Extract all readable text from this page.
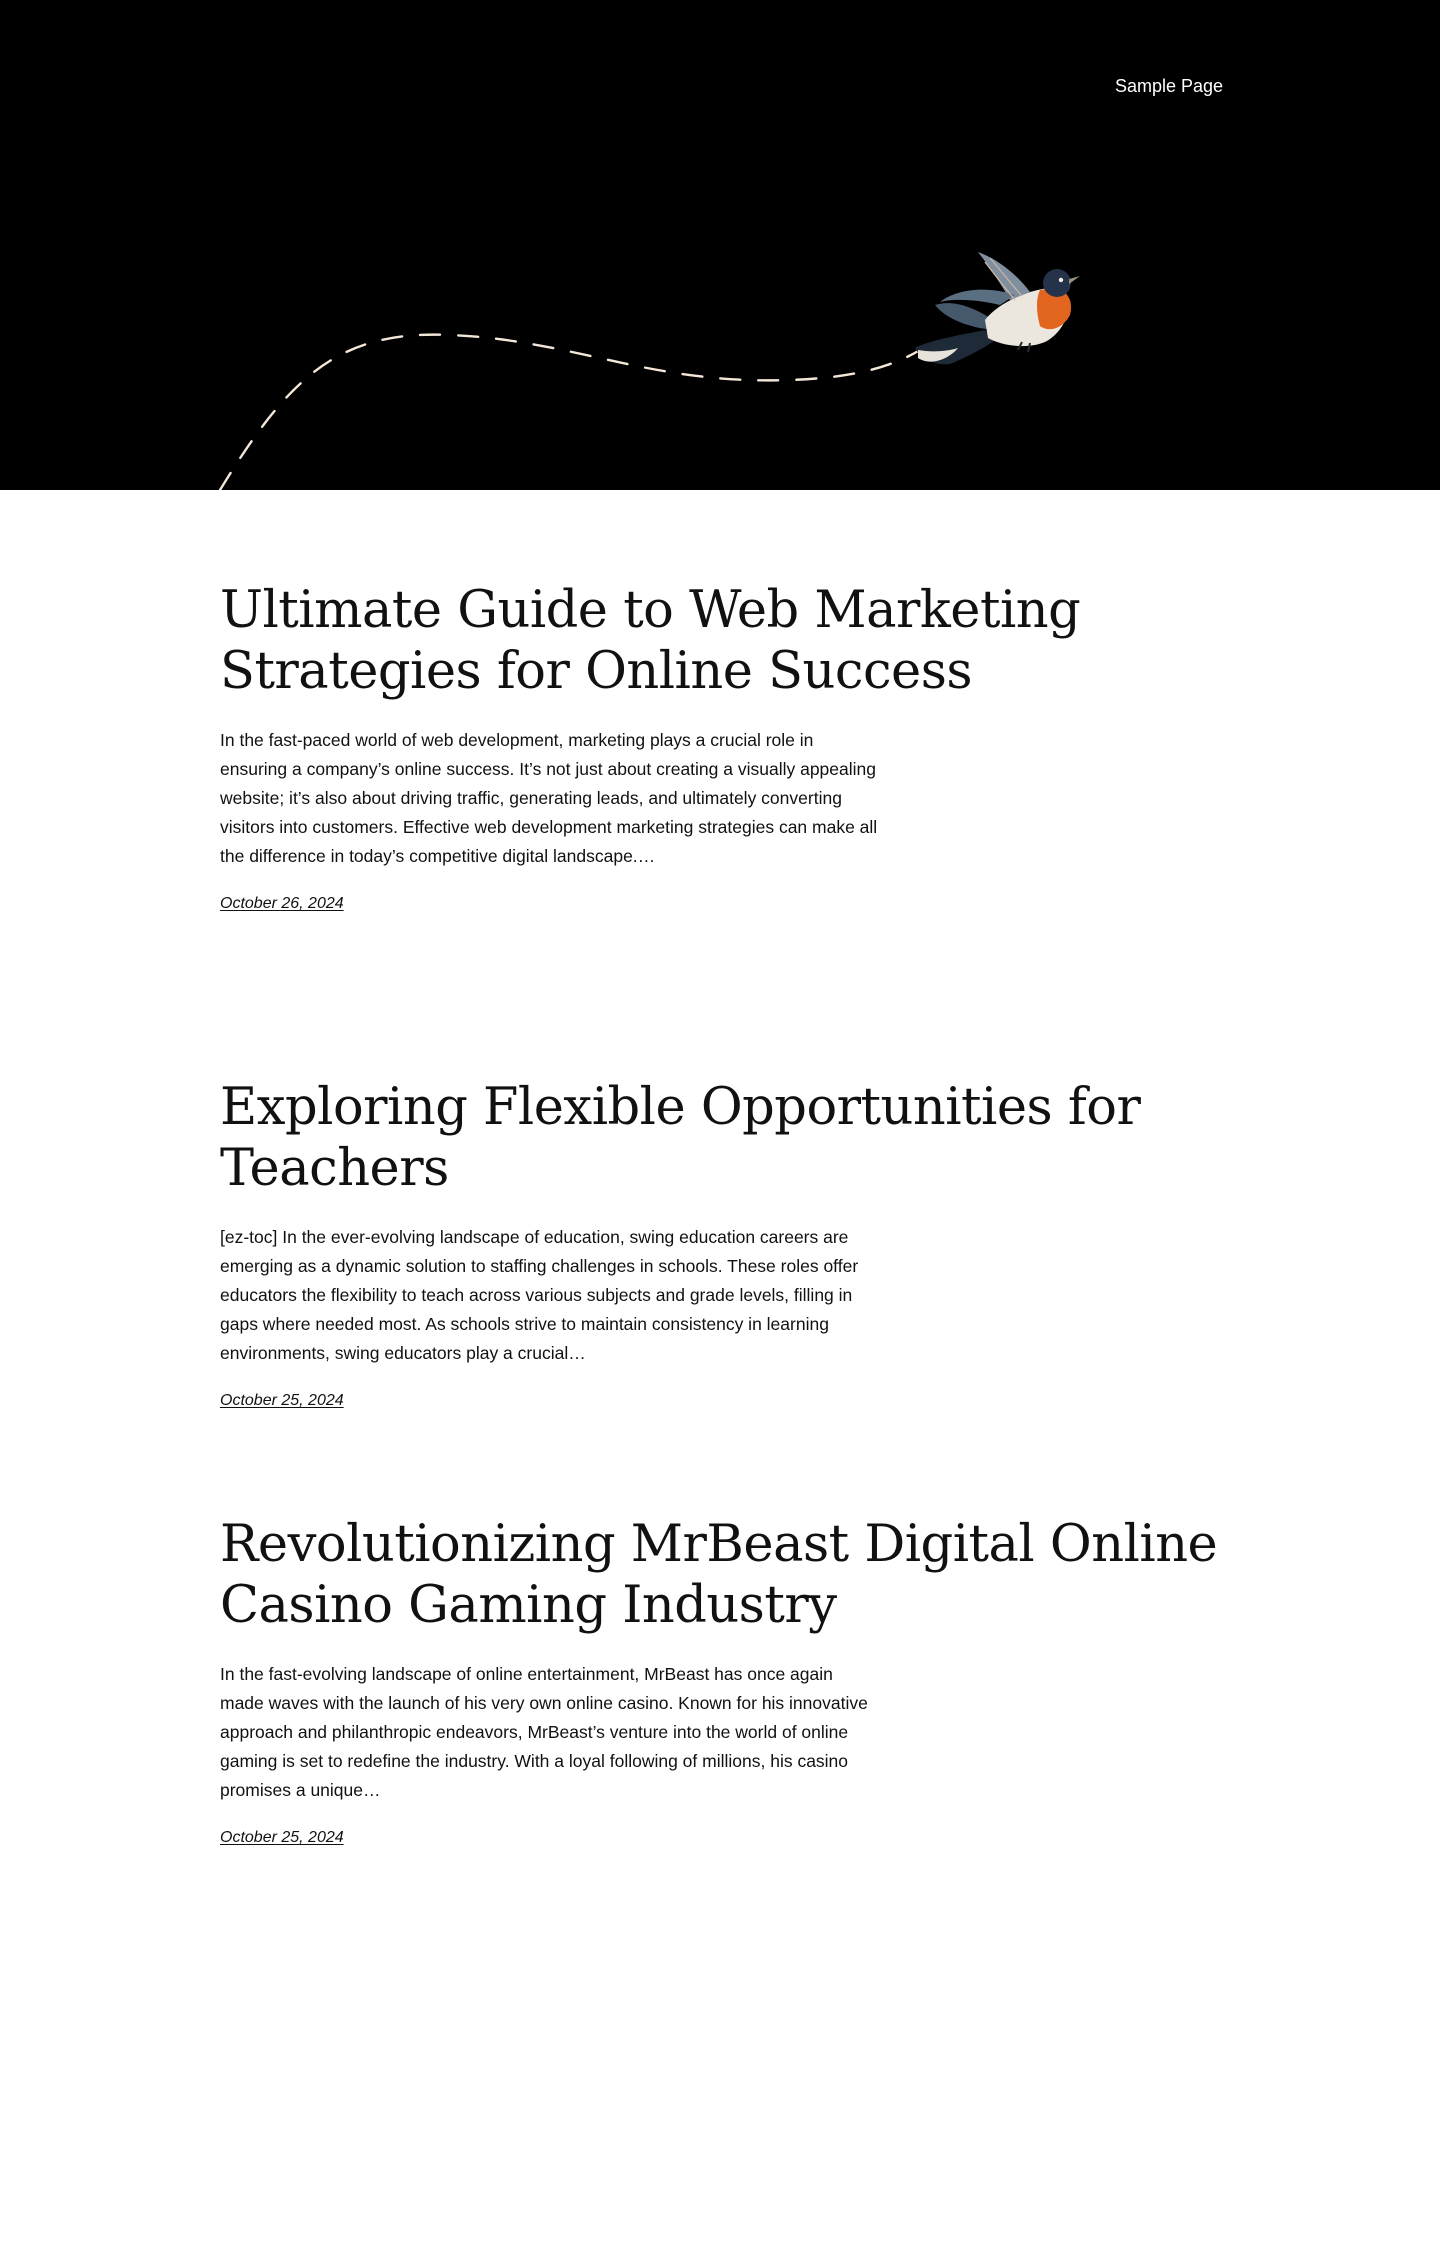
Sample Page
Ultimate Guide to Web Marketing Strategies for Online Success

In the fast-paced world of web development, marketing plays a crucial role in ensuring a company’s online success. It’s not just about creating a visually appealing website; it’s also about driving traffic, generating leads, and ultimately converting visitors into customers. Effective web development marketing strategies can make all the difference in today’s competitive digital landscape.…

October 26, 2024
Exploring Flexible Opportunities for Teachers

[ez-toc] In the ever-evolving landscape of education, swing education careers are emerging as a dynamic solution to staffing challenges in schools. These roles offer educators the flexibility to teach across various subjects and grade levels, filling in gaps where needed most. As schools strive to maintain consistency in learning environments, swing educators play a crucial…

October 25, 2024
Revolutionizing MrBeast Digital Online Casino Gaming Industry

In the fast-evolving landscape of online entertainment, MrBeast has once again made waves with the launch of his very own online casino. Known for his innovative approach and philanthropic endeavors, MrBeast’s venture into the world of online gaming is set to redefine the industry. With a loyal following of millions, his casino promises a unique…

October 25, 2024
